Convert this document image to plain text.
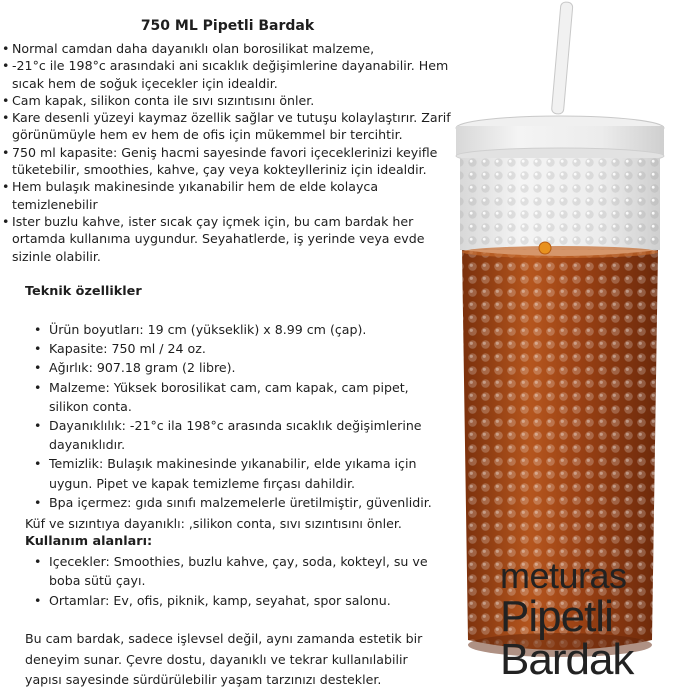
750 ML Pipetli Bardak
• Normal camdan daha dayanıklı olan borosilikat malzeme,
• -21°c ile 198°c arasındaki ani sıcaklık değişimlerine dayanabilir. Hem sıcak hem de soğuk içecekler için idealdir.
• Cam kapak, silikon conta ile sıvı sızıntısını önler.
• Kare desenli yüzeyi kaymaz özellik sağlar ve tutuşu kolaylaştırır. Zarif görünümüyle hem ev hem de ofis için mükemmel bir tercihtir.
• 750 ml kapasite: Geniş hacmi sayesinde favori içeceklerinizi keyifle tüketebilir, smoothies, kahve, çay veya kokteylleriniz için idealdir.
• Hem bulaşık makinesinde yıkanabilir hem de elde kolayca temizlenebilir
• Ister buzlu kahve, ister sıcak çay içmek için, bu cam bardak her ortamda kullanıma uygundur. Seyahatlerde, iş yerinde veya evde sizinle olabilir.
Teknik özellikler
• Ürün boyutları: 19 cm (yükseklik) x 8.99 cm (çap).
• Kapasite: 750 ml / 24 oz.
• Ağırlık: 907.18 gram (2 libre).
• Malzeme: Yüksek borosilikat cam, cam kapak, cam pipet, silikon conta.
• Dayanıklılık: -21°c ila 198°c arasında sıcaklık değişimlerine dayanıklıdır.
• Temizlik: Bulaşık makinesinde yıkanabilir, elde yıkama için uygun. Pipet ve kapak temizleme fırçası dahildir.
• Bpa içermez: gıda sınıfı malzemelerle üretilmiştir, güvenlidir.
Küf ve sızıntıya dayanıklı: ,silikon conta, sıvı sızıntısını önler.
Kullanım alanları:
• Içecekler: Smoothies, buzlu kahve, çay, soda, kokteyl, su ve boba sütü çayı.
• Ortamlar: Ev, ofis, piknik, kamp, seyahat, spor salonu.
Bu cam bardak, sadece işlevsel değil, aynı zamanda estetik bir deneyim sunar. Çevre dostu, dayanıklı ve tekrar kullanılabilir yapısı sayesinde sürdürülebilir yaşam tarzınızı destekler.
meturas
Pipetli
Bardak
